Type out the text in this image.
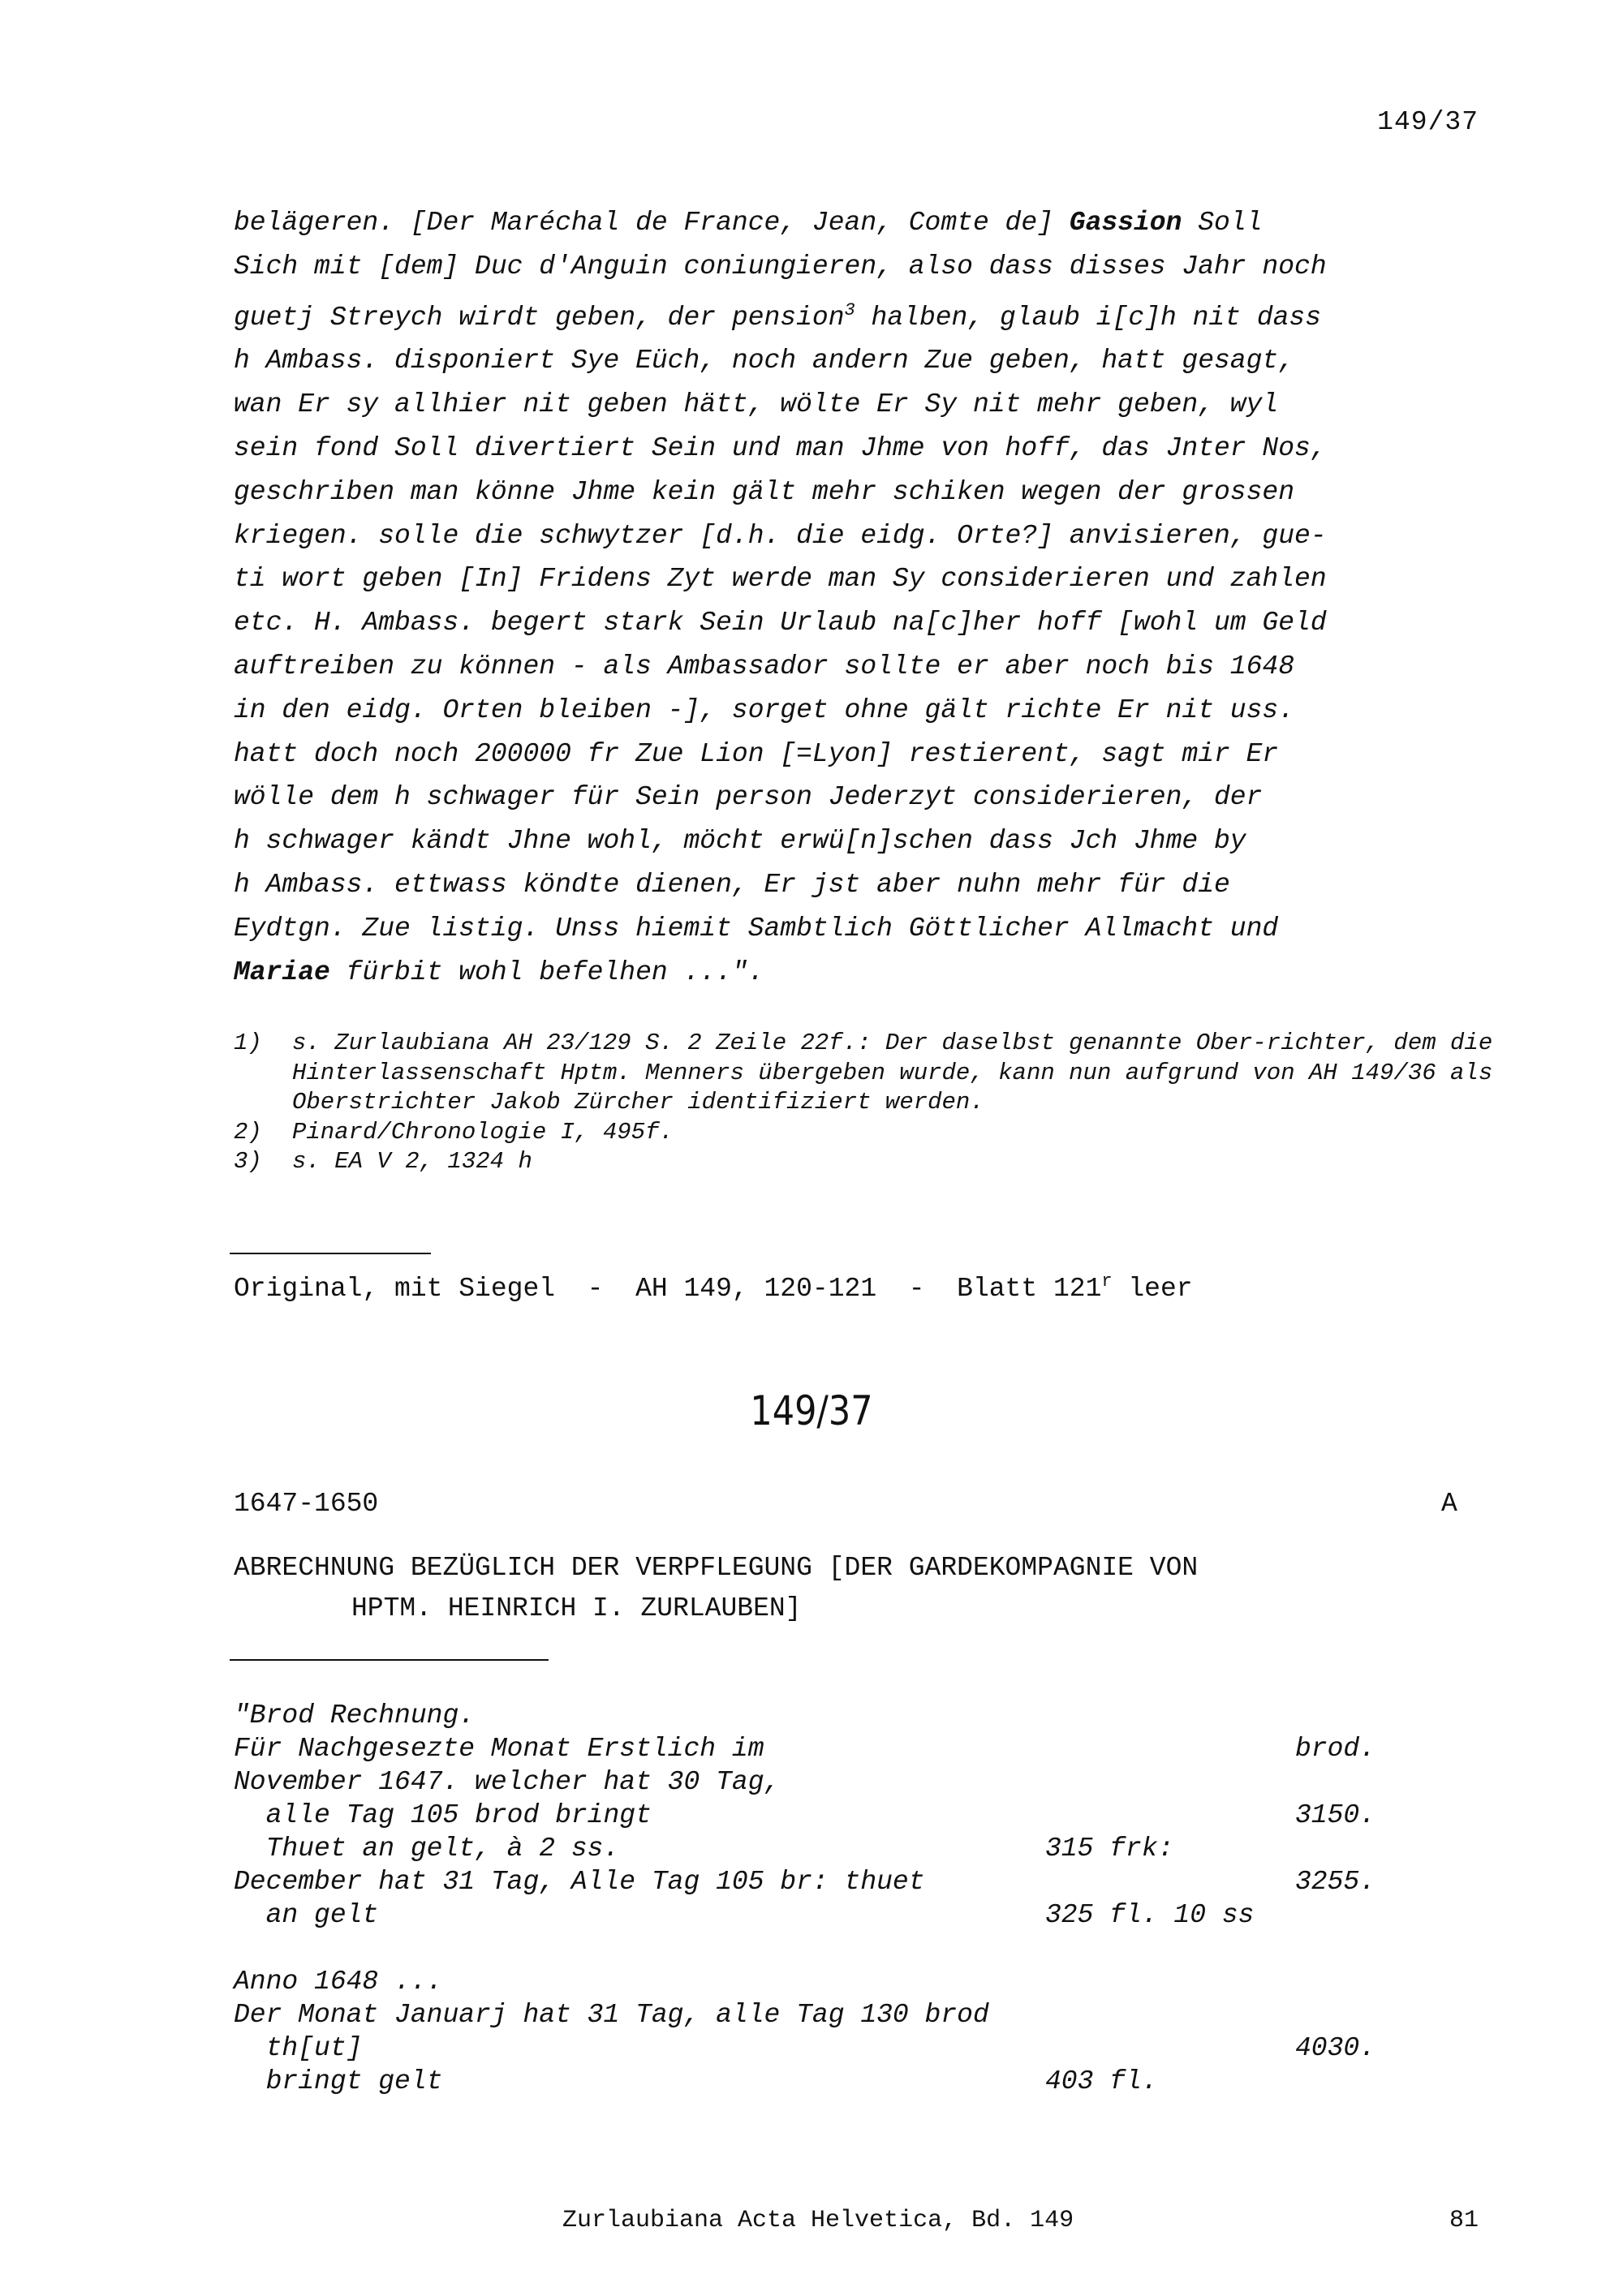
149/37
belägeren. [Der Maréchal de France, Jean, Comte de] Gassion Soll
Sich mit [dem] Duc d'Anguin coniungieren, also dass disses Jahr noch
guetj Streych wirdt geben, der pension$^3$ halben, glaub i[c]h nit dass
h Ambass. disponiert Sye Eüch, noch andern Zue geben, hatt gesagt,
wan Er sy allhier nit geben hätt, wölte Er Sy nit mehr geben, wyl
sein fond Soll divertiert Sein und man Jhme von hoff, das Jnter Nos,
geschriben man könne Jhme kein gält mehr schiken wegen der grossen
kriegen. solle die schwytzer [d.h. die eidg. Orte?] anvisieren, gue-
ti wort geben [In] Fridens Zyt werde man Sy considerieren und zahlen
etc. H. Ambass. begert stark Sein Urlaub na[c]her hoff [wohl um Geld
auftreiben zu können - als Ambassador sollte er aber noch bis 1648
in den eidg. Orten bleiben -], sorget ohne gält richte Er nit uss.
hatt doch noch 200000 fr Zue Lion [=Lyon] restierent, sagt mir Er
wölle dem h schwager für Sein person Jederzyt considerieren, der
h schwager kändt Jhne wohl, möcht erwü[n]schen dass Jch Jhme by
h Ambass. ettwass köndte dienen, Er jst aber nuhn mehr für die
Eydtgn. Zue listig. Unss hiemit Sambtlich Göttlicher Allmacht und
Mariae fürbit wohl befelhen ...".
1)	s. Zurlaubiana AH 23/129 S. 2 Zeile 22f.: Der daselbst genannte Ober-richter, dem die Hinterlassenschaft Hptm. Menners übergeben wurde, kann nun aufgrund von AH 149/36 als Oberstrichter Jakob Zürcher identifiziert werden.
2)	Pinard/Chronologie I, 495f.
3)	s. EA V 2, 1324 h
Original, mit Siegel  -  AH 149, 120-121  -  Blatt 121$^r$ leer
149/37
1647-1650	A
ABRECHNUNG BEZÜGLICH DER VERPFLEGUNG [DER GARDEKOMPAGNIE VON
HPTM. HEINRICH I. ZURLAUBEN]
"Brod Rechnung.
Für Nachgesezte Monat Erstlich im	brod.
November 1647. welcher hat 30 Tag,
alle Tag 105 brod bringt	3150.
Thuet an gelt, à 2 ss.	315 frk:
December hat 31 Tag, Alle Tag 105 br: thuet	3255.
an gelt	325 fl. 10 ss
Anno 1648 ...
Der Monat Januarj hat 31 Tag, alle Tag 130 brod
th[ut]	4030.
bringt gelt	403 fl.
Zurlaubiana Acta Helvetica, Bd. 149	81
